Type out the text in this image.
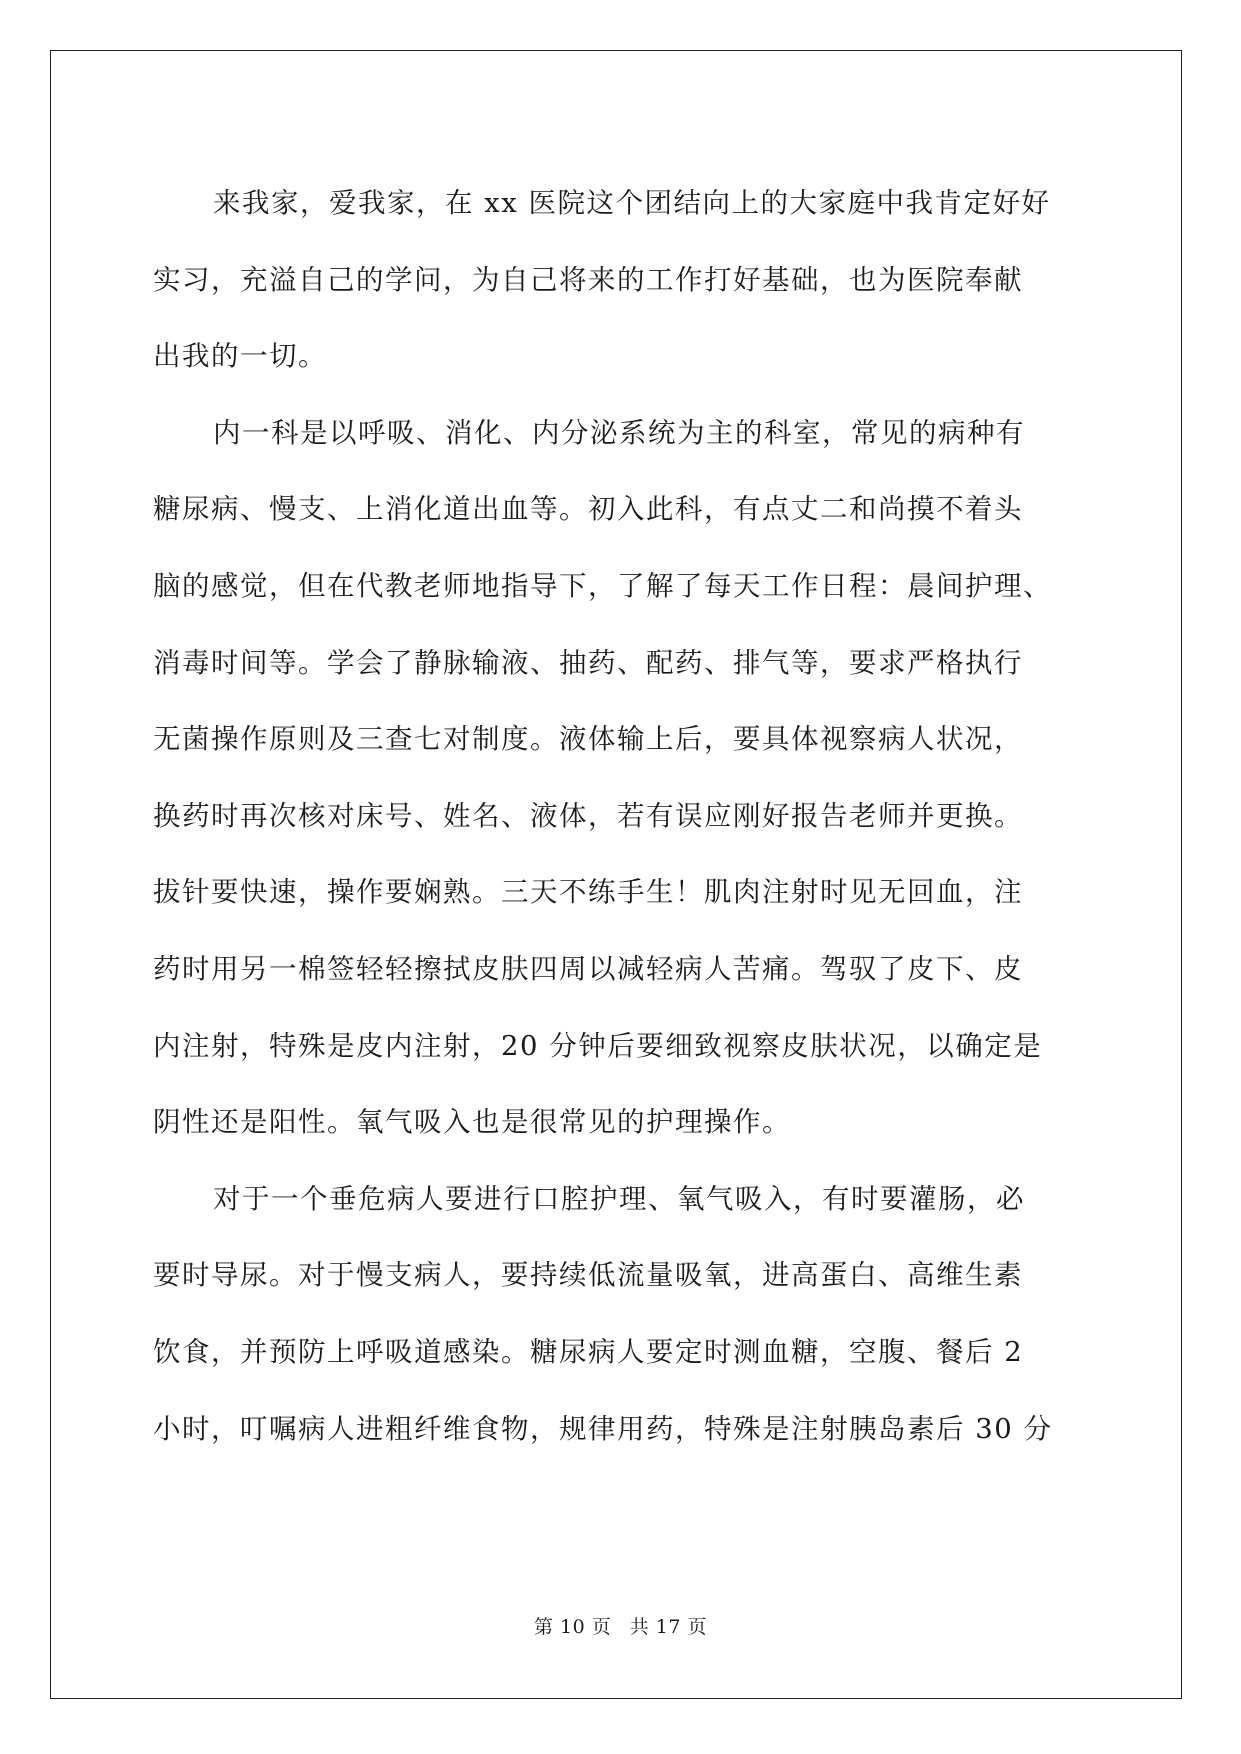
来我家，爱我家，在 xx 医院这个团结向上的大家庭中我肯定好好
实习，充溢自己的学问，为自己将来的工作打好基础，也为医院奉献
出我的一切。

内一科是以呼吸、消化、内分泌系统为主的科室，常见的病种有
糖尿病、慢支、上消化道出血等。初入此科，有点丈二和尚摸不着头
脑的感觉，但在代教老师地指导下，了解了每天工作日程：晨间护理、
消毒时间等。学会了静脉输液、抽药、配药、排气等，要求严格执行
无菌操作原则及三查七对制度。液体输上后，要具体视察病人状况，
换药时再次核对床号、姓名、液体，若有误应刚好报告老师并更换。
拔针要快速，操作要娴熟。三天不练手生！肌肉注射时见无回血，注
药时用另一棉签轻轻擦拭皮肤四周以减轻病人苦痛。驾驭了皮下、皮
内注射，特殊是皮内注射，20 分钟后要细致视察皮肤状况，以确定是
阴性还是阳性。氧气吸入也是很常见的护理操作。

对于一个垂危病人要进行口腔护理、氧气吸入，有时要灌肠，必
要时导尿。对于慢支病人，要持续低流量吸氧，进高蛋白、高维生素
饮食，并预防上呼吸道感染。糖尿病人要定时测血糖，空腹、餐后 2
小时，叮嘱病人进粗纤维食物，规律用药，特殊是注射胰岛素后 30 分

第 10 页 共 17 页
